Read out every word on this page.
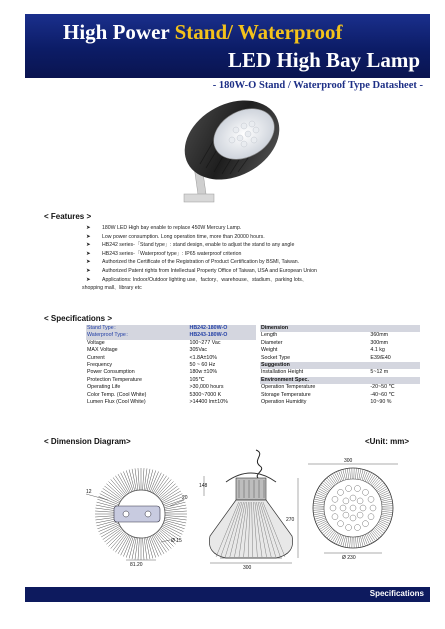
High Power Stand/ Waterproof
LED High Bay Lamp
- 180W-O Stand / Waterproof Type Datasheet -
< Features >
➤ 180W LED High bay enable to replace 450W Mercury Lamp.
➤ Low power consumption. Long operation time, more than 20000 hours.
➤ HB242 series-「Stand type」: stand design, enable to adjust the stand to any angle
➤ HB243 series-「Waterproof type」: IP65 waterproof criterion
➤ Authorized the Certificate of the Registration of Product Certification by BSMI, Taiwan.
➤ Authorized Patent rights from Intellectual Property Office of Taiwan, USA and European Union
➤ Applications: Indoor/Outdoor lighting use、factory、warehouse、stadium、parking lots、
shopping mall、library etc
< Specifications >
Stand Type：	HB242-180W-O
Waterproof Type：	HB243-180W-O
Voltage	100~277 Vac
MAX Voltage	305Vac
Current	<1.8A±10%
Frequency	50 ~ 60 Hz
Power Consumption	180w ±10%
Protection Temperature	105℃
Operating Life	>30,000 hours
Color Temp. (Cool White)	5300~7000 K
Lumen Flux (Cool White)	>14400 lm±10%
Dimension	
Length	360mm
Diameter	300mm
Weight	4.1 kg
Socket Type	E39/E40
Suggestion	
Installation Height	5~12 m
Environment Spec.	
Operation Temperature	-20~50 ℃
Storage Temperature	-40~60 ℃
Operation Humidity	10~90 %
< Dimension Diagram>	<Unit: mm>
12
20
Ø 15
81.20
148
270
300
300
Ø 230
Specifications
